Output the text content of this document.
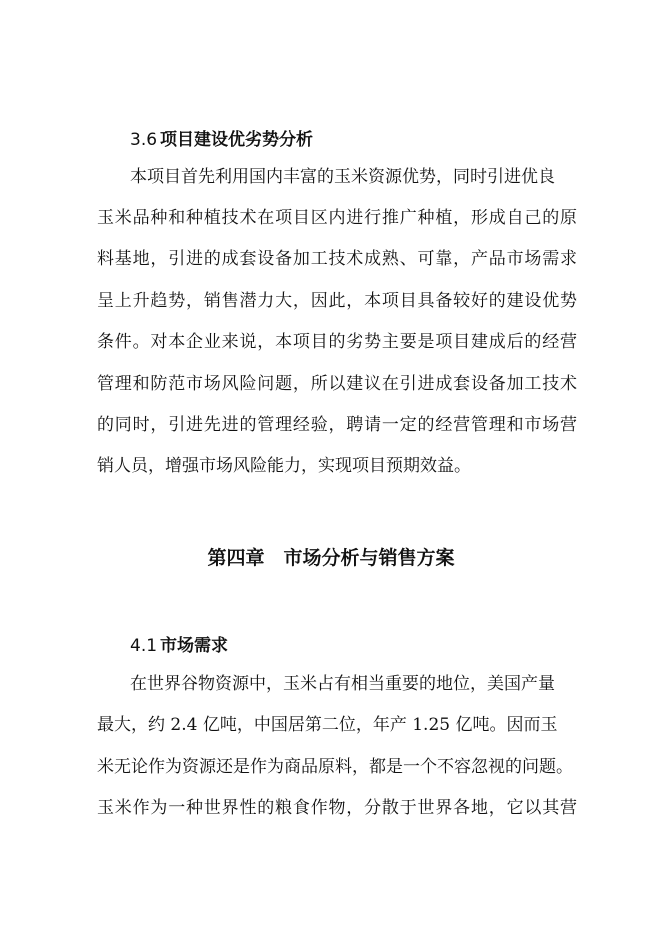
3.6 项目建设优劣势分析
本项目首先利用国内丰富的玉米资源优势，同时引进优良
玉米品种和种植技术在项目区内进行推广种植，形成自己的原
料基地，引进的成套设备加工技术成熟、可靠，产品市场需求
呈上升趋势，销售潜力大，因此，本项目具备较好的建设优势
条件。对本企业来说，本项目的劣势主要是项目建成后的经营
管理和防范市场风险问题，所以建议在引进成套设备加工技术
的同时，引进先进的管理经验，聘请一定的经营管理和市场营
销人员，增强市场风险能力，实现项目预期效益。
第四章　市场分析与销售方案
4.1 市场需求
在世界谷物资源中，玉米占有相当重要的地位，美国产量
最大，约 2.4 亿吨，中国居第二位，年产 1.25 亿吨。因而玉
米无论作为资源还是作为商品原料，都是一个不容忽视的问题。
玉米作为一种世界性的粮食作物，分散于世界各地，它以其营
